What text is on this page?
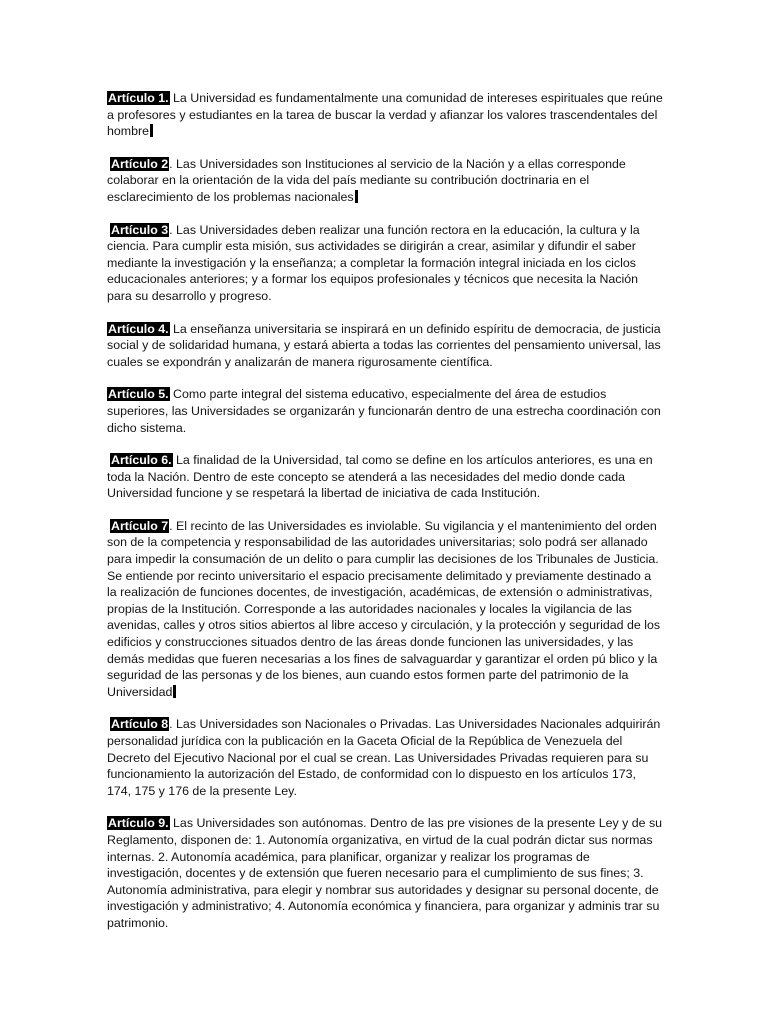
Artículo 1. La Universidad es fundamentalmente una comunidad de intereses espirituales que reúne a profesores y estudiantes en la tarea de buscar la verdad y afianzar los valores trascendentales del hombre
Artículo 2. Las Universidades son Instituciones al servicio de la Nación y a ellas corresponde colaborar en la orientación de la vida del país mediante su contribución doctrinaria en el esclarecimiento de los problemas nacionales
Artículo 3. Las Universidades deben realizar una función rectora en la educación, la cultura y la ciencia. Para cumplir esta misión, sus actividades se dirigirán a crear, asimilar y difundir el saber mediante la investigación y la enseñanza; a completar la formación integral iniciada en los ciclos educacionales anteriores; y a formar los equipos profesionales y técnicos que necesita la Nación para su desarrollo y progreso.
Artículo 4. La enseñanza universitaria se inspirará en un definido espíritu de democracia, de justicia social y de solidaridad humana, y estará abierta a todas las corrientes del pensamiento universal, las cuales se expondrán y analizarán de manera rigurosamente científica.
Artículo 5. Como parte integral del sistema educativo, especialmente del área de estudios superiores, las Universidades se organizarán y funcionarán dentro de una estrecha coordinación con dicho sistema.
Artículo 6. La finalidad de la Universidad, tal como se define en los artículos anteriores, es una en toda la Nación. Dentro de este concepto se atenderá a las necesidades del medio donde cada Universidad funcione y se respetará la libertad de iniciativa de cada Institución.
Artículo 7. El recinto de las Universidades es inviolable. Su vigilancia y el mantenimiento del orden son de la competencia y responsabilidad de las autoridades universitarias; solo podrá ser allanado para impedir la consumación de un delito o para cumplir las decisiones de los Tribunales de Justicia. Se entiende por recinto universitario el espacio precisamente delimitado y previamente destinado a la realización de funciones docentes, de investigación, académicas, de extensión o administrativas, propias de la Institución. Corresponde a las autoridades nacionales y locales la vigilancia de las avenidas, calles y otros sitios abiertos al libre acceso y circulación, y la protección y seguridad de los edificios y construcciones situados dentro de las áreas donde funcionen las universidades, y las demás medidas que fueren necesarias a los fines de salvaguardar y garantizar el orden pú blico y la seguridad de las personas y de los bienes, aun cuando estos formen parte del patrimonio de la Universidad
Artículo 8. Las Universidades son Nacionales o Privadas. Las Universidades Nacionales adquirirán personalidad jurídica con la publicación en la Gaceta Oficial de la República de Venezuela del Decreto del Ejecutivo Nacional por el cual se crean. Las Universidades Privadas requieren para su funcionamiento la autorización del Estado, de conformidad con lo dispuesto en los artículos 173, 174, 175 y 176 de la presente Ley.
Artículo 9. Las Universidades son autónomas. Dentro de las pre visiones de la presente Ley y de su Reglamento, disponen de: 1. Autonomía organizativa, en virtud de la cual podrán dictar sus normas internas. 2. Autonomía académica, para planificar, organizar y realizar los programas de investigación, docentes y de extensión que fueren necesario para el cumplimiento de sus fines; 3. Autonomía administrativa, para elegir y nombrar sus autoridades y designar su personal docente, de investigación y administrativo; 4. Autonomía económica y financiera, para organizar y adminis trar su patrimonio.
